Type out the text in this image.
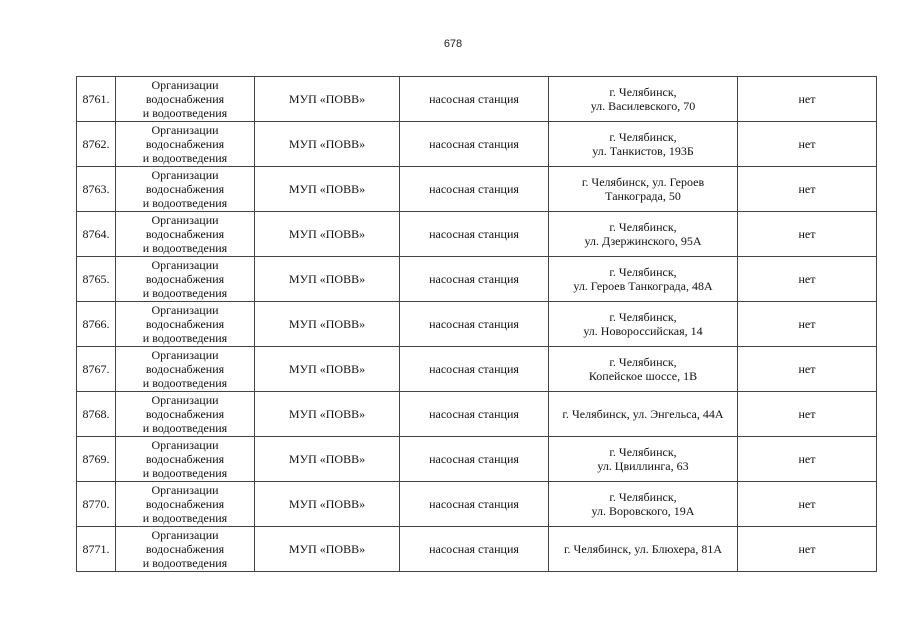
678
8761.	Организации
водоснабжения
и водоотведения	МУП «ПОВВ»	насосная станция	г. Челябинск,
ул. Василевского, 70	нет
8762.	Организации
водоснабжения
и водоотведения	МУП «ПОВВ»	насосная станция	г. Челябинск,
ул. Танкистов, 193Б	нет
8763.	Организации
водоснабжения
и водоотведения	МУП «ПОВВ»	насосная станция	г. Челябинск, ул. Героев
Танкограда, 50	нет
8764.	Организации
водоснабжения
и водоотведения	МУП «ПОВВ»	насосная станция	г. Челябинск,
ул. Дзержинского, 95А	нет
8765.	Организации
водоснабжения
и водоотведения	МУП «ПОВВ»	насосная станция	г. Челябинск,
ул. Героев Танкограда, 48А	нет
8766.	Организации
водоснабжения
и водоотведения	МУП «ПОВВ»	насосная станция	г. Челябинск,
ул. Новороссийская, 14	нет
8767.	Организации
водоснабжения
и водоотведения	МУП «ПОВВ»	насосная станция	г. Челябинск,
Копейское шоссе, 1В	нет
8768.	Организации
водоснабжения
и водоотведения	МУП «ПОВВ»	насосная станция	г. Челябинск, ул. Энгельса, 44А	нет
8769.	Организации
водоснабжения
и водоотведения	МУП «ПОВВ»	насосная станция	г. Челябинск,
ул. Цвиллинга, 63	нет
8770.	Организации
водоснабжения
и водоотведения	МУП «ПОВВ»	насосная станция	г. Челябинск,
ул. Воровского, 19А	нет
8771.	Организации
водоснабжения
и водоотведения	МУП «ПОВВ»	насосная станция	г. Челябинск, ул. Блюхера, 81А	нет
